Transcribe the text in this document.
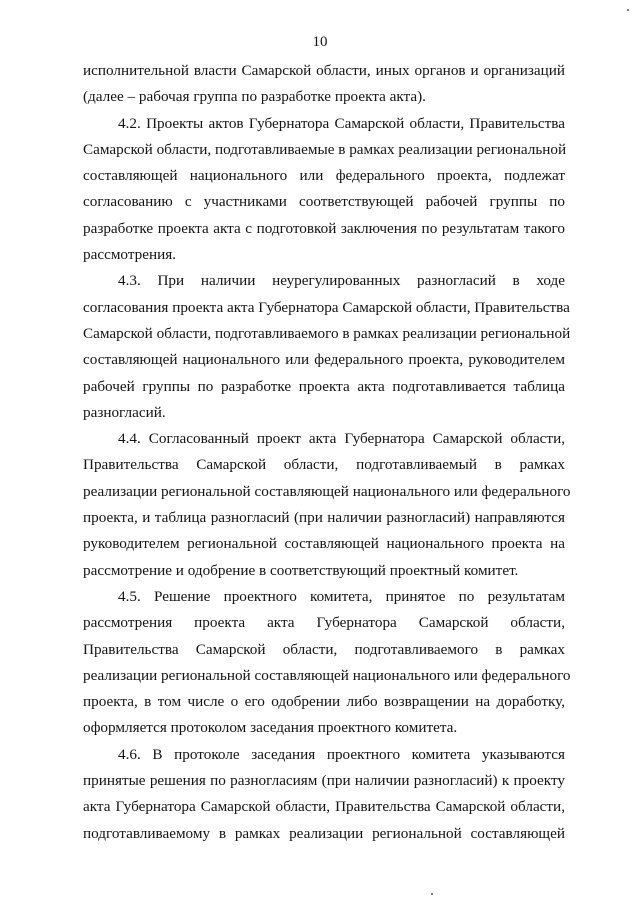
10
исполнительной власти Самарской области, иных органов и организаций
(далее – рабочая группа по разработке проекта акта).
4.2. Проекты актов Губернатора Самарской области, Правительства
Самарской области, подготавливаемые в рамках реализации региональной
составляющей национального или федерального проекта, подлежат
согласованию с участниками соответствующей рабочей группы по
разработке проекта акта с подготовкой заключения по результатам такого
рассмотрения.
4.3. При наличии неурегулированных разногласий в ходе
согласования проекта акта Губернатора Самарской области, Правительства
Самарской области, подготавливаемого в рамках реализации региональной
составляющей национального или федерального проекта, руководителем
рабочей группы по разработке проекта акта подготавливается таблица
разногласий.
4.4. Согласованный проект акта Губернатора Самарской области,
Правительства Самарской области, подготавливаемый в рамках
реализации региональной составляющей национального или федерального
проекта, и таблица разногласий (при наличии разногласий) направляются
руководителем региональной составляющей национального проекта на
рассмотрение и одобрение в соответствующий проектный комитет.
4.5. Решение проектного комитета, принятое по результатам
рассмотрения проекта акта Губернатора Самарской области,
Правительства Самарской области, подготавливаемого в рамках
реализации региональной составляющей национального или федерального
проекта, в том числе о его одобрении либо возвращении на доработку,
оформляется протоколом заседания проектного комитета.
4.6. В протоколе заседания проектного комитета указываются
принятые решения по разногласиям (при наличии разногласий) к проекту
акта Губернатора Самарской области, Правительства Самарской области,
подготавливаемому в рамках реализации региональной составляющей
